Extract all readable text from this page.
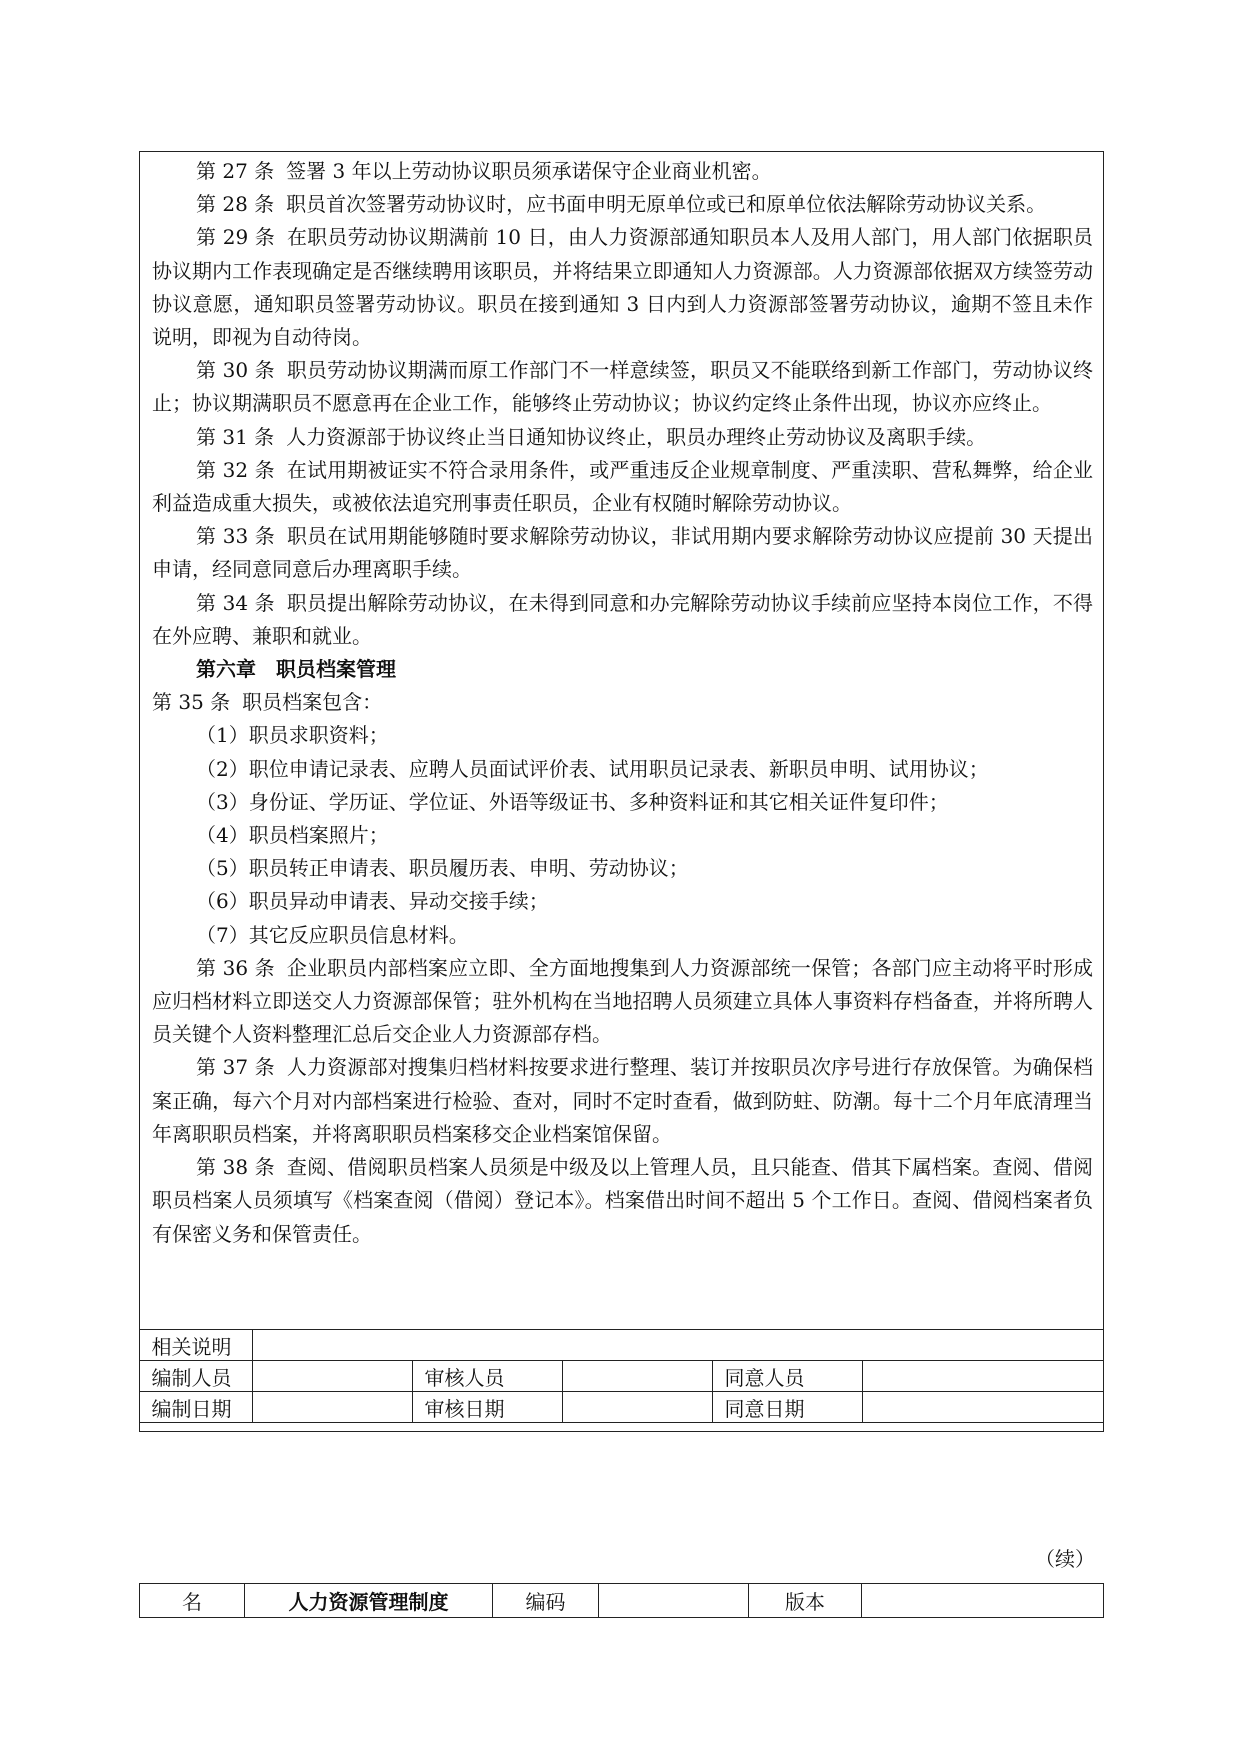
第 27 条 签署 3 年以上劳动协议职员须承诺保守企业商业机密。

第 28 条 职员首次签署劳动协议时，应书面申明无原单位或已和原单位依法解除劳动协议关系。

第 29 条 在职员劳动协议期满前 10 日，由人力资源部通知职员本人及用人部门，用人部门依据职员协议期内工作表现确定是否继续聘用该职员，并将结果立即通知人力资源部。人力资源部依据双方续签劳动协议意愿，通知职员签署劳动协议。职员在接到通知 3 日内到人力资源部签署劳动协议，逾期不签且未作说明，即视为自动待岗。

第 30 条 职员劳动协议期满而原工作部门不一样意续签，职员又不能联络到新工作部门，劳动协议终止；协议期满职员不愿意再在企业工作，能够终止劳动协议；协议约定终止条件出现，协议亦应终止。

第 31 条 人力资源部于协议终止当日通知协议终止，职员办理终止劳动协议及离职手续。

第 32 条 在试用期被证实不符合录用条件，或严重违反企业规章制度、严重渎职、营私舞弊，给企业利益造成重大损失，或被依法追究刑事责任职员，企业有权随时解除劳动协议。

第 33 条 职员在试用期能够随时要求解除劳动协议，非试用期内要求解除劳动协议应提前 30 天提出申请，经同意同意后办理离职手续。

第 34 条 职员提出解除劳动协议，在未得到同意和办完解除劳动协议手续前应坚持本岗位工作，不得在外应聘、兼职和就业。

第六章 职员档案管理

第 35 条 职员档案包含：

（1）职员求职资料；

（2）职位申请记录表、应聘人员面试评价表、试用职员记录表、新职员申明、试用协议；

（3）身份证、学历证、学位证、外语等级证书、多种资料证和其它相关证件复印件；

（4）职员档案照片；

（5）职员转正申请表、职员履历表、申明、劳动协议；

（6）职员异动申请表、异动交接手续；

（7）其它反应职员信息材料。

第 36 条 企业职员内部档案应立即、全方面地搜集到人力资源部统一保管；各部门应主动将平时形成应归档材料立即送交人力资源部保管；驻外机构在当地招聘人员须建立具体人事资料存档备查，并将所聘人员关键个人资料整理汇总后交企业人力资源部存档。

第 37 条 人力资源部对搜集归档材料按要求进行整理、装订并按职员次序号进行存放保管。为确保档案正确，每六个月对内部档案进行检验、查对，同时不定时查看，做到防蛀、防潮。每十二个月年底清理当年离职职员档案，并将离职职员档案移交企业档案馆保留。

第 38 条 查阅、借阅职员档案人员须是中级及以上管理人员，且只能查、借其下属档案。查阅、借阅职员档案人员须填写《档案查阅（借阅）登记本》。档案借出时间不超出 5 个工作日。查阅、借阅档案者负有保密义务和保管责任。

相关说明					
编制人员		审核人员		同意人员	
编制日期		审核日期		同意日期	
（续）
名	人力资源管理制度	编码		版本	
